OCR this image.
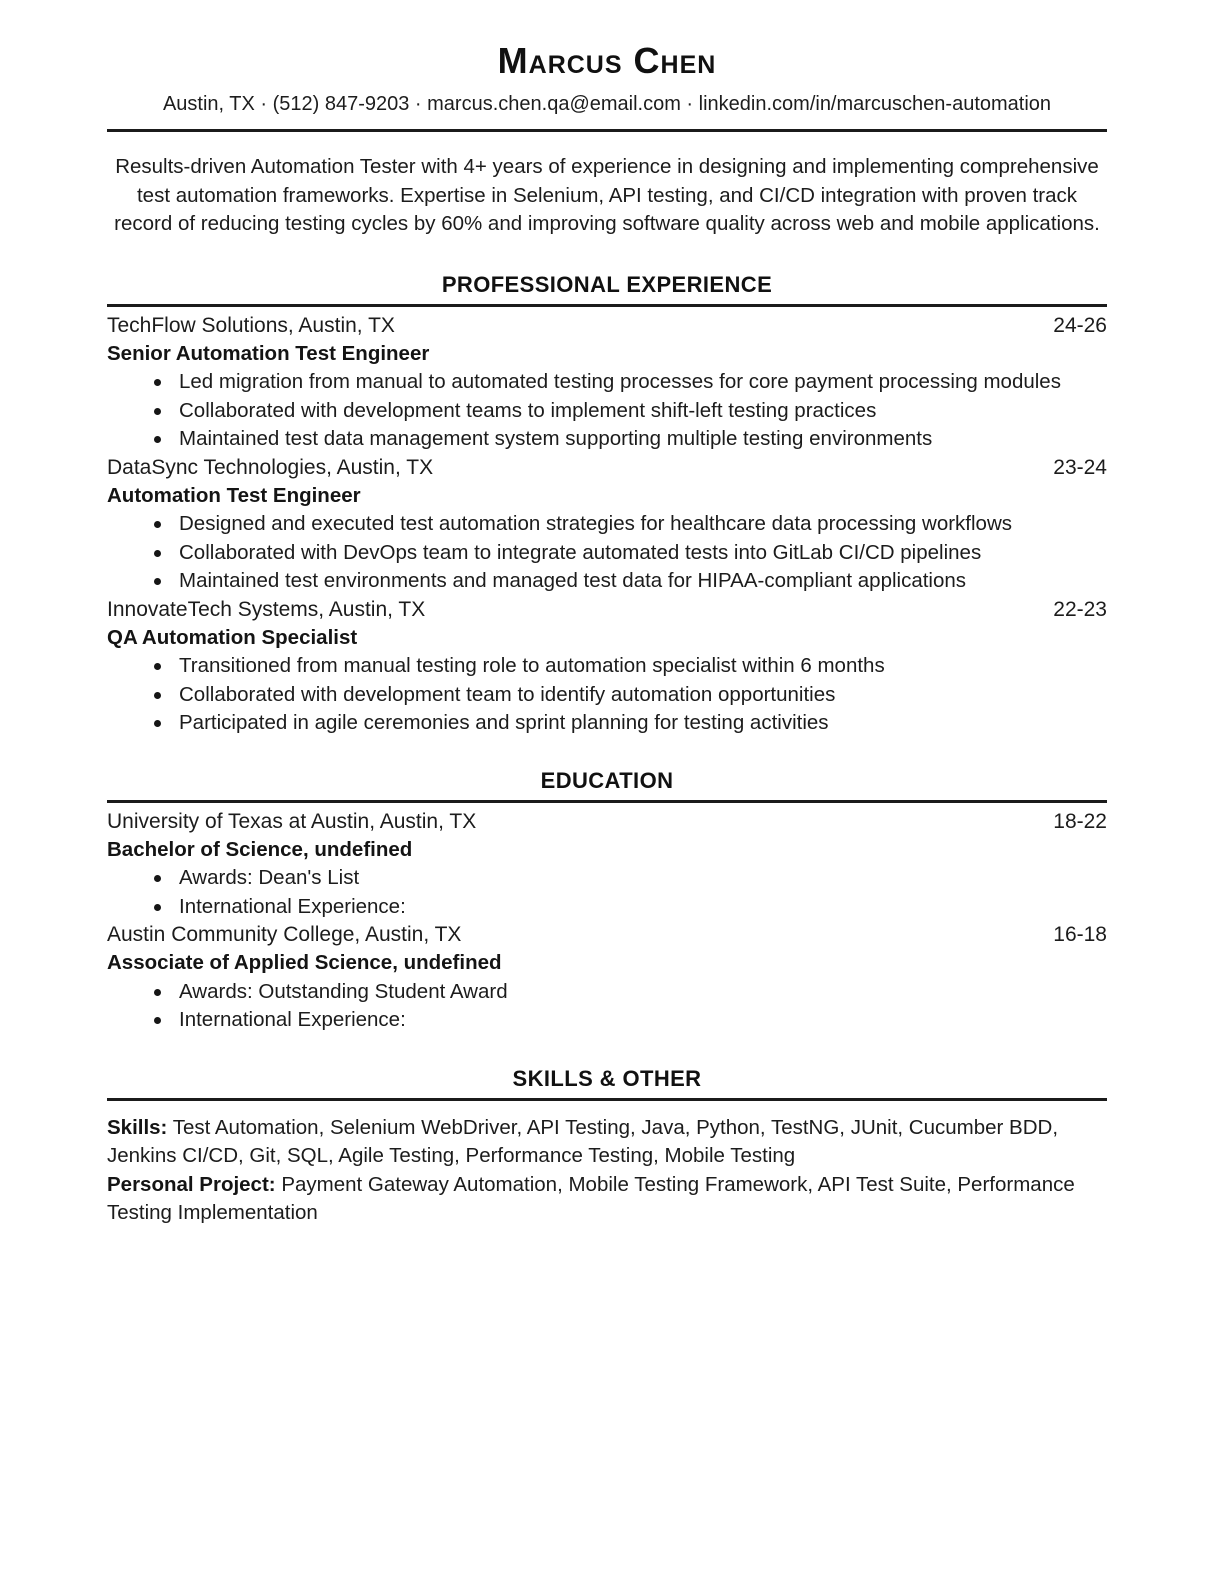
Marcus Chen
Austin, TX · (512) 847-9203 · marcus.chen.qa@email.com · linkedin.com/in/marcuschen-automation

Results-driven Automation Tester with 4+ years of experience in designing and implementing comprehensive test automation frameworks. Expertise in Selenium, API testing, and CI/CD integration with proven track record of reducing testing cycles by 60% and improving software quality across web and mobile applications.

PROFESSIONAL EXPERIENCE
TechFlow Solutions, Austin, TX	24-26
Senior Automation Test Engineer
Led migration from manual to automated testing processes for core payment processing modules
Collaborated with development teams to implement shift-left testing practices
Maintained test data management system supporting multiple testing environments
DataSync Technologies, Austin, TX	23-24
Automation Test Engineer
Designed and executed test automation strategies for healthcare data processing workflows
Collaborated with DevOps team to integrate automated tests into GitLab CI/CD pipelines
Maintained test environments and managed test data for HIPAA-compliant applications
InnovateTech Systems, Austin, TX	22-23
QA Automation Specialist
Transitioned from manual testing role to automation specialist within 6 months
Collaborated with development team to identify automation opportunities
Participated in agile ceremonies and sprint planning for testing activities
EDUCATION
University of Texas at Austin, Austin, TX	18-22
Bachelor of Science, undefined
Awards: Dean's List
International Experience:
Austin Community College, Austin, TX	16-18
Associate of Applied Science, undefined
Awards: Outstanding Student Award
International Experience:
SKILLS & OTHER

Skills: Test Automation, Selenium WebDriver, API Testing, Java, Python, TestNG, JUnit, Cucumber BDD, Jenkins CI/CD, Git, SQL, Agile Testing, Performance Testing, Mobile Testing
Personal Project: Payment Gateway Automation, Mobile Testing Framework, API Test Suite, Performance Testing Implementation
